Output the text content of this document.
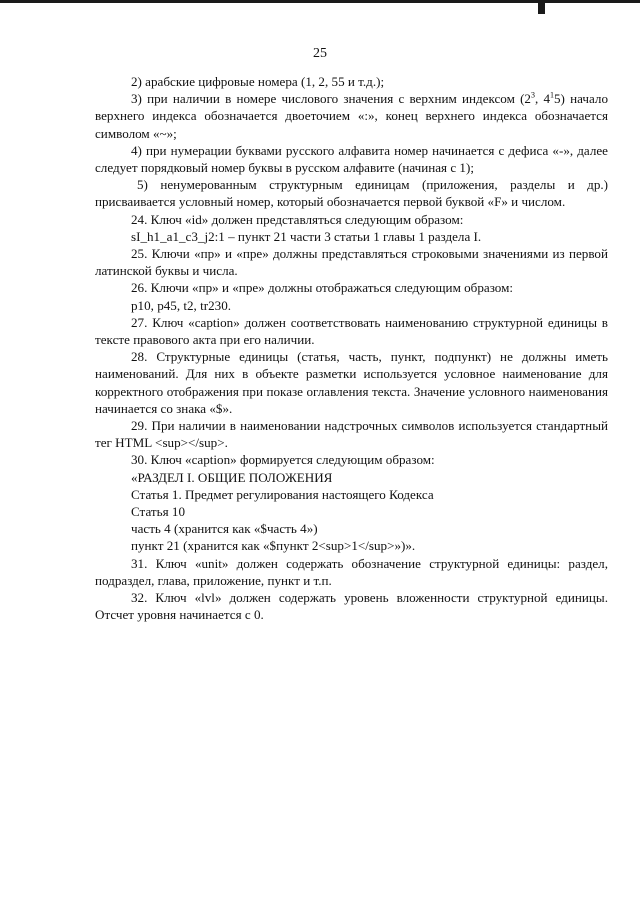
25

2) арабские цифровые номера (1, 2, 55 и т.д.);

3) при наличии в номере числового значения с верхним индексом ($2^3$, $4^15$) начало верхнего индекса обозначается двоеточием «:», конец верхнего индекса обозначается символом «~»;

4) при нумерации буквами русского алфавита номер начинается с дефиса «-», далее следует порядковый номер буквы в русском алфавите (начиная с 1);

5) ненумерованным структурным единицам (приложения, разделы и др.) присваивается условный номер, который обозначается первой буквой «F» и числом.

24. Ключ «id» должен представляться следующим образом:

sI_h1_a1_c3_j2:1 – пункт 21 части 3 статьи 1 главы 1 раздела I.

25. Ключи «пр» и «пре» должны представляться строковыми значениями из первой латинской буквы и числа.

26. Ключи «пр» и «пре» должны отображаться следующим образом:

p10, p45, t2, tr230.

27. Ключ «caption» должен соответствовать наименованию структурной единицы в тексте правового акта при его наличии.

28. Структурные единицы (статья, часть, пункт, подпункт) не должны иметь наименований. Для них в объекте разметки используется условное наименование для корректного отображения при показе оглавления текста. Значение условного наименования начинается со знака «$».

29. При наличии в наименовании надстрочных символов используется стандартный тег HTML <sup></sup>.

30. Ключ «caption» формируется следующим образом:

«РАЗДЕЛ I. ОБЩИЕ ПОЛОЖЕНИЯ

Статья 1. Предмет регулирования настоящего Кодекса

Статья 10

часть 4 (хранится как «$часть 4»)

пункт 21 (хранится как «$пункт 2<sup>1</sup>»)».

31. Ключ «unit» должен содержать обозначение структурной единицы: раздел, подраздел, глава, приложение, пункт и т.п.

32. Ключ «lvl» должен содержать уровень вложенности структурной единицы. Отсчет уровня начинается с 0.
